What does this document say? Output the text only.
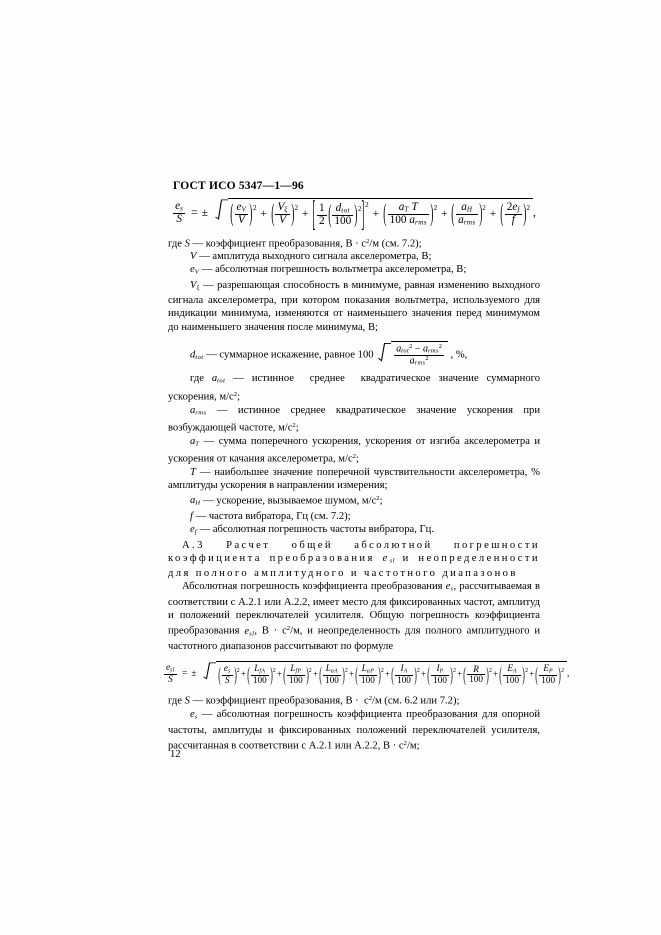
ГОСТ ИСО 5347—1—96
$\frac{e_s}{S}$ = ± ( $\frac{e_V}{V} )2$ + ( $\frac{V_\xi}{V} )2$ + [ $\frac{1}{2}$ ( $\frac{d_{tot}}{100} )2]2$ + ( $\frac{a_T T}{100 a_{rms}} )2$ + ( $\frac{a_H}{a_{rms}} )2$ + ( $\frac{2e_f}{f} )2$ ,

где S — коэффициент преобразования, $В \cdot с^2/м$ (см. 7.2);

V — амплитуда выходного сигнала акселерометра, В;

$e_V$ — абсолютная погрешность вольтметра акселерометра, В;

$V_\xi$ — разрешающая способность в минимуме, равная изменению выходного сигнала акселерометра, при котором показания вольтметра, используемого для индикации минимума, изменяются от наименьшего значения перед минимумом до наименьшего значения после минимума, В;

$d_{tot}$ — суммарное искажение, равное $100 \frac{a_{tot}^2 - a_{rms}^2}{a_{rms}^2}$ , %,

где $a_{tot}$ — истинное  среднее  квадратическое значение суммарного ускорения, $м/с^2$;

$a_{rms}$ — истинное среднее квадратическое значение ускорения при возбуждающей частоте, $м/с^2$;

$a_T$ — сумма поперечного ускорения, ускорения от изгиба акселерометра и ускорения от качания акселерометра, $м/с^2$;

T — наибольшее значение поперечной чувствительности акселерометра, % амплитуды ускорения в направлении измерения;

$a_H$ — ускорение, вызываемое шумом, $м/с^2$;

f — частота вибратора, Гц (см. 7.2);

$e_f$ — абсолютная погрешность частоты вибратора, Гц.

А.3 Расчет общей абсолютной погрешности коэффициента преобразования $e_{sl}$ и неопределенности для полного амплитудного и частотного диапазонов

Абсолютная погрешность коэффициента преобразования $e_s$, рассчитываемая в соответствии с А.2.1 или А.2.2, имеет место для фиксированных частот, амплитуд и положений переключателей усилителя. Общую погрешность коэффициента преобразования $e_{sl}$, $В \cdot с^2/м$, и неопределенность для полного амплитудного и частотного диапазонов рассчитывают по формуле

$\frac{e_{sl}}{S}$ = ± ( $\frac{e_s}{S} )2+( \frac{L_{fA}}{100} )2+( \frac{L_{fP}}{100} )2+( \frac{L_{aA}}{100} )2+( \frac{L_{aP}}{100} )2+( \frac{I_A}{100} )2+( \frac{I_P}{100} )2+( \frac{R}{100} )2+( \frac{E_A}{100} )2+( \frac{E_P}{100} )2$ ,

где S — коэффициент преобразования, $В \cdot с^2/м$ (см. 6.2 или 7.2);

$e_s$ — абсолютная погрешность коэффициента преобразования для опорной частоты, амплитуды и фиксированных положений переключателей усилителя, рассчитанная в соответствии с А.2.1 или А.2.2, $В \cdot с^2/м$;

12
